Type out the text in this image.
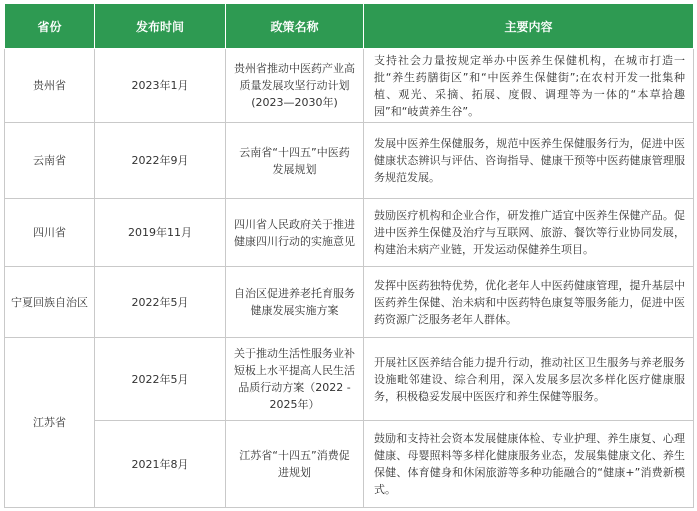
省份	发布时间	政策名称	主要内容
贵州省	2023年1月	贵州省推动中医药产业高质量发展攻坚行动计划(2023—2030年)	支持社会力量按规定举办中医养生保健机构，在城市打造一批“养生药膳街区”和“中医养生保健街”;在农村开发一批集种植、观光、采摘、拓展、度假、调理等为一体的“本草拾趣园”和“岐黄养生谷”。
云南省	2022年9月	云南省“十四五”中医药发展规划	发展中医养生保健服务，规范中医养生保健服务行为，促进中医健康状态辨识与评估、咨询指导、健康干预等中医药健康管理服务规范发展。
四川省	2019年11月	四川省人民政府关于推进健康四川行动的实施意见	鼓励医疗机构和企业合作，研发推广适宜中医养生保健产品。促进中医养生保健及治疗与互联网、旅游、餐饮等行业协同发展，构建治未病产业链，开发运动保健养生项目。
宁夏回族自治区	2022年5月	自治区促进养老托育服务健康发展实施方案	发挥中医药独特优势，优化老年人中医药健康管理，提升基层中医药养生保健、治未病和中医药特色康复等服务能力，促进中医药资源广泛服务老年人群体。
江苏省	2022年5月	关于推动生活性服务业补短板上水平提高人民生活品质行动方案（2022 - 2025年）	开展社区医养结合能力提升行动，推动社区卫生服务与养老服务设施毗邻建设、综合利用，深入发展多层次多样化医疗健康服务，积极稳妥发展中医医疗和养生保健等服务。
	2021年8月	江苏省“十四五”消费促进规划	鼓励和支持社会资本发展健康体检、专业护理、养生康复、心理健康、母婴照料等多样化健康服务业态，发展集健康文化、养生保健、体育健身和休闲旅游等多种功能融合的“健康+”消费新模式。
